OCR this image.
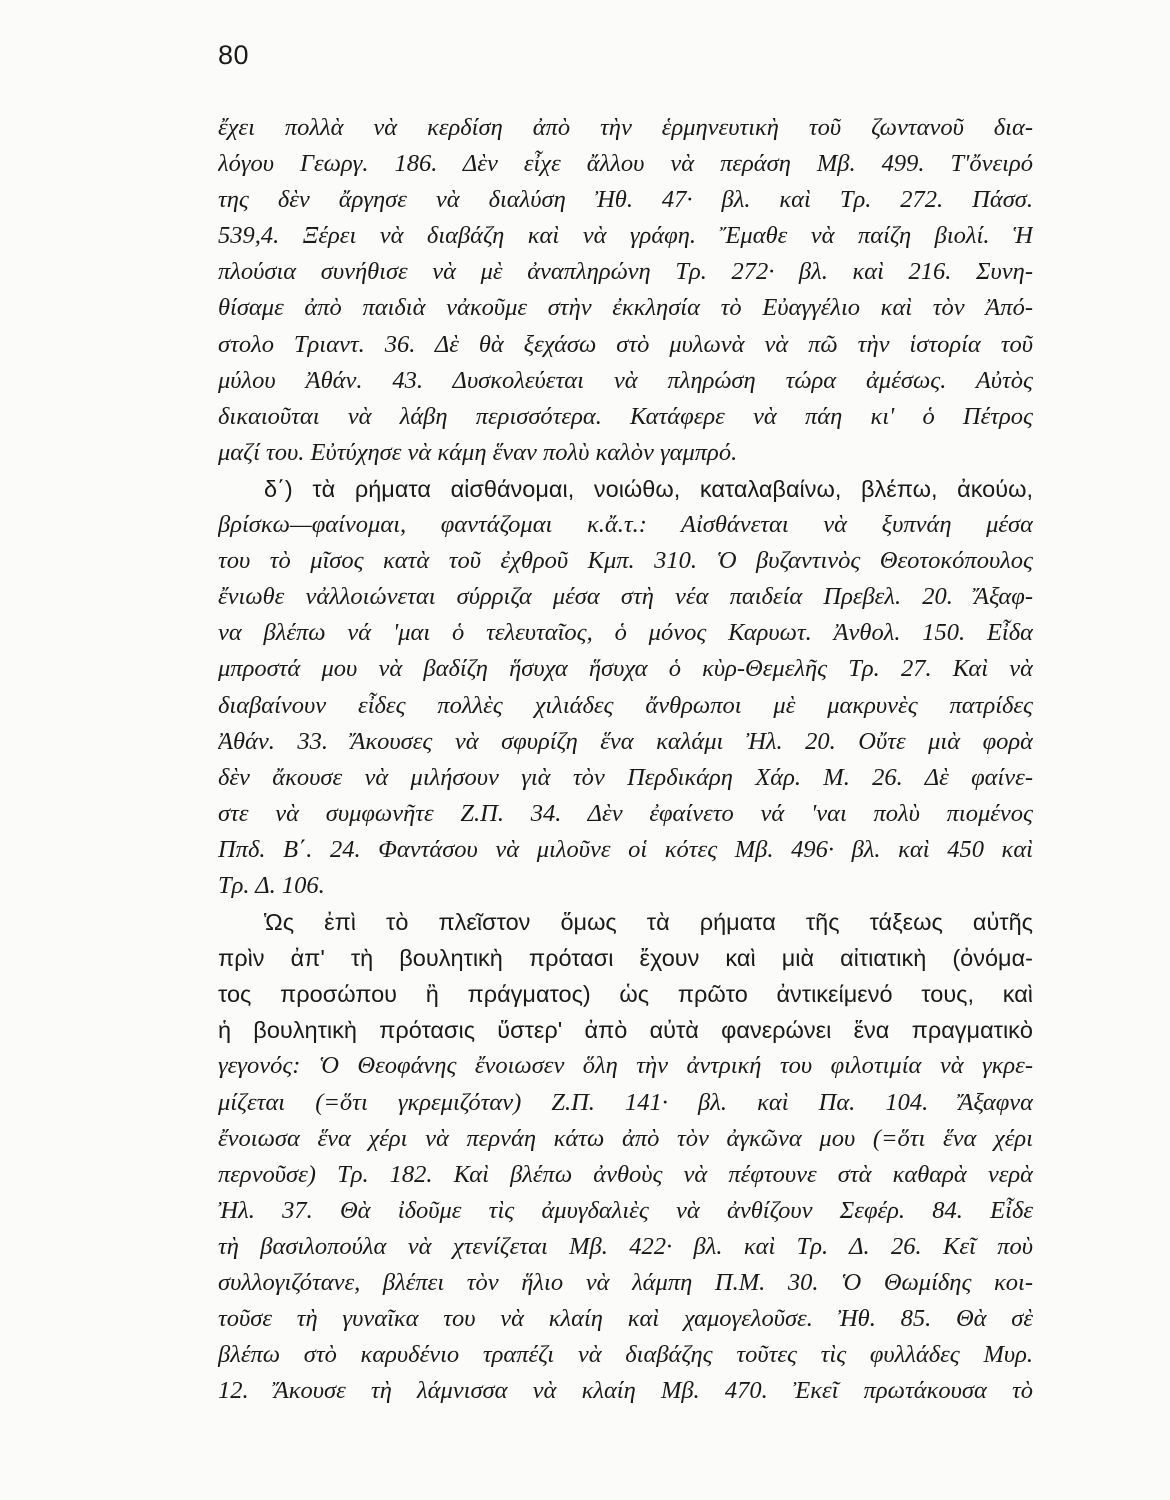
80
ἔχει πολλὰ νὰ κερδίση ἀπὸ τὴν ἑρμηνευτικὴ τοῦ ζωντανοῦ δια-
λόγου Γεωργ. 186. Δὲν εἶχε ἄλλου νὰ περάση Μβ. 499. Τ'ὄνειρό
της δὲν ἄργησε νὰ διαλύση Ἠθ. 47· βλ. καὶ Τρ. 272. Πάσσ.
539,4. Ξέρει νὰ διαβάζη καὶ νὰ γράφη. Ἔμαθε νὰ παίζη βιολί. Ἡ
πλούσια συνήθισε νὰ μὲ ἀναπληρώνη Τρ. 272· βλ. καὶ 216. Συνη-
θίσαμε ἀπὸ παιδιὰ νἀκοῦμε στὴν ἐκκλησία τὸ Εὐαγγέλιο καὶ τὸν Ἀπό-
στολο Τριαντ. 36. Δὲ θὰ ξεχάσω στὸ μυλωνὰ νὰ πῶ τὴν ἱστορία τοῦ
μύλου Ἀθάν. 43. Δυσκολεύεται νὰ πληρώση τώρα ἀμέσως. Αὐτὸς
δικαιοῦται νὰ λάβη περισσότερα. Κατάφερε νὰ πάη κι' ὁ Πέτρος
μαζί του. Εὐτύχησε νὰ κάμη ἕναν πολὺ καλὸν γαμπρό.
δ΄) τὰ ρήματα αἰσθάνομαι, νοιώθω, καταλαβαίνω, βλέπω, ἀκούω,
βρίσκω—φαίνομαι, φαντάζομαι κ.ἄ.τ.: Αἰσθάνεται νὰ ξυπνάη μέσα
του τὸ μῖσος κατὰ τοῦ ἐχθροῦ Κμπ. 310. Ὁ βυζαντινὸς Θεοτοκόπουλος
ἔνιωθε νἀλλοιώνεται σύρριζα μέσα στὴ νέα παιδεία Πρεβελ. 20. Ἄξαφ-
να βλέπω νά 'μαι ὁ τελευταῖος, ὁ μόνος Καρυωτ. Ἀνθολ. 150. Εἶδα
μπροστά μου νὰ βαδίζη ἥσυχα ἥσυχα ὁ κὺρ-Θεμελῆς Τρ. 27. Καὶ νὰ
διαβαίνουν εἶδες πολλὲς χιλιάδες ἄνθρωποι μὲ μακρυνὲς πατρίδες
Ἀθάν. 33. Ἄκουσες νὰ σφυρίζη ἕνα καλάμι Ἠλ. 20. Οὔτε μιὰ φορὰ
δὲν ἄκουσε νὰ μιλήσουν γιὰ τὸν Περδικάρη Χάρ. Μ. 26. Δὲ φαίνε-
στε νὰ συμφωνῆτε Ζ.Π. 34. Δὲν ἐφαίνετο νά 'ναι πολὺ πιομένος
Ππδ. Β΄. 24. Φαντάσου νὰ μιλοῦνε οἱ κότες Μβ. 496· βλ. καὶ 450 καὶ
Τρ. Δ. 106.
Ὡς ἐπὶ τὸ πλεῖστον ὅμως τὰ ρήματα τῆς τάξεως αὐτῆς
πρὶν ἀπ' τὴ βουλητικὴ πρότασι ἔχουν καὶ μιὰ αἰτιατικὴ (ὀνόμα-
τος προσώπου ἢ πράγματος) ὡς πρῶτο ἀντικείμενό τους, καὶ
ἡ βουλητικὴ πρότασις ὕστερ' ἀπὸ αὐτὰ φανερώνει ἕνα πραγματικὸ
γεγονός: Ὁ Θεοφάνης ἔνοιωσεν ὅλη τὴν ἀντρική του φιλοτιμία νὰ γκρε-
μίζεται (=ὅτι γκρεμιζόταν) Ζ.Π. 141· βλ. καὶ Πα. 104. Ἄξαφνα
ἔνοιωσα ἕνα χέρι νὰ περνάη κάτω ἀπὸ τὸν ἀγκῶνα μου (=ὅτι ἕνα χέρι
περνοῦσε) Τρ. 182. Καὶ βλέπω ἀνθοὺς νὰ πέφτουνε στὰ καθαρὰ νερὰ
Ἠλ. 37. Θὰ ἰδοῦμε τὶς ἀμυγδαλιὲς νὰ ἀνθίζουν Σεφέρ. 84. Εἶδε
τὴ βασιλοπούλα νὰ χτενίζεται Μβ. 422· βλ. καὶ Τρ. Δ. 26. Κεῖ ποὺ
συλλογιζότανε, βλέπει τὸν ἥλιο νὰ λάμπη Π.Μ. 30. Ὁ Θωμίδης κοι-
τοῦσε τὴ γυναῖκα του νὰ κλαίη καὶ χαμογελοῦσε. Ἠθ. 85. Θὰ σὲ
βλέπω στὸ καρυδένιο τραπέζι νὰ διαβάζης τοῦτες τὶς φυλλάδες Μυρ.
12. Ἄκουσε τὴ λάμνισσα νὰ κλαίη Μβ. 470. Ἐκεῖ πρωτάκουσα τὸ
